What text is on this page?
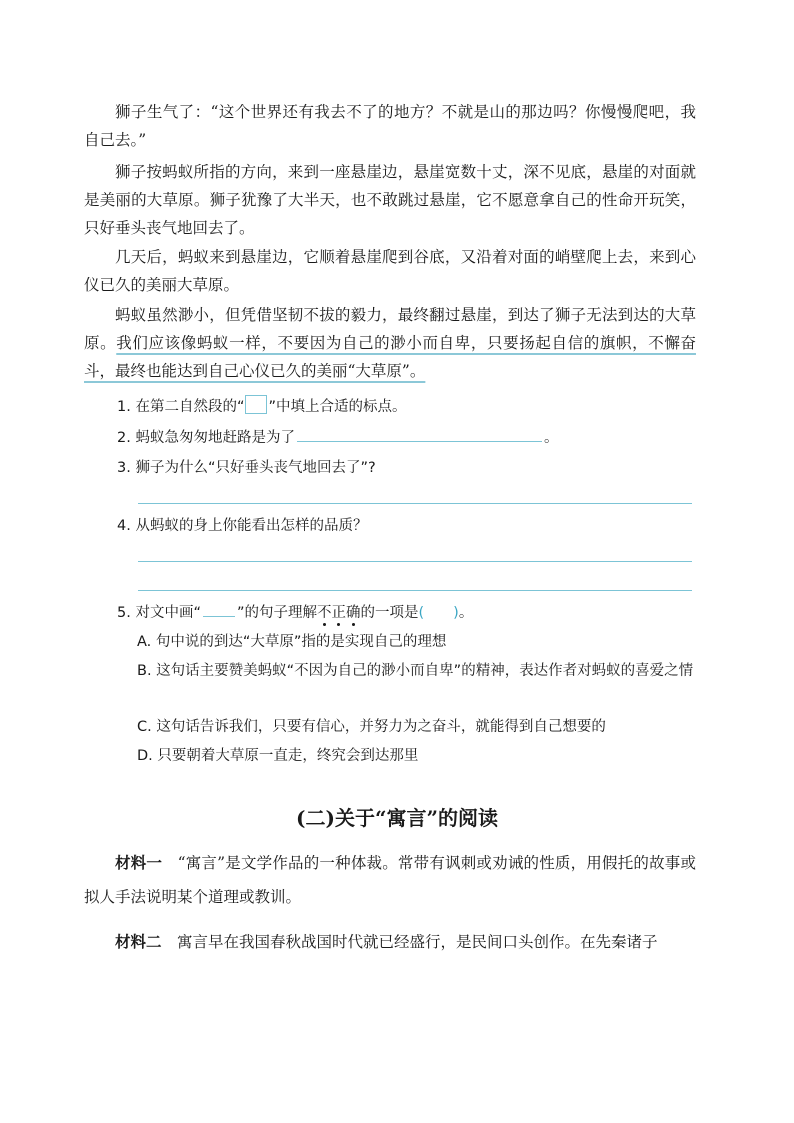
狮子生气了：“这个世界还有我去不了的地方？不就是山的那边吗？你慢慢爬吧，我自己去。”

狮子按蚂蚁所指的方向，来到一座悬崖边，悬崖宽数十丈，深不见底，悬崖的对面就是美丽的大草原。狮子犹豫了大半天，也不敢跳过悬崖，它不愿意拿自己的性命开玩笑，只好垂头丧气地回去了。

几天后，蚂蚁来到悬崖边，它顺着悬崖爬到谷底，又沿着对面的峭壁爬上去，来到心仪已久的美丽大草原。

蚂蚁虽然渺小，但凭借坚韧不拔的毅力，最终翻过悬崖，到达了狮子无法到达的大草原。我们应该像蚂蚁一样，不要因为自己的渺小而自卑，只要扬起自信的旗帜，不懈奋斗，最终也能达到自己心仪已久的美丽“大草原”。

1. 在第二自然段的“ ”中填上合适的标点。

2. 蚂蚁急匆匆地赶路是为了	。

3. 狮子为什么“只好垂头丧气地回去了”?

4. 从蚂蚁的身上你能看出怎样的品质？

5. 对文中画“ ”的句子理解不正确的一项是(　　)。

A. 句中说的到达“大草原”指的是实现自己的理想

B. 这句话主要赞美蚂蚁“不因为自己的渺小而自卑”的精神，表达作者对蚂蚁的喜爱之情

C. 这句话告诉我们，只要有信心，并努力为之奋斗，就能得到自己想要的

D. 只要朝着大草原一直走，终究会到达那里

(二)关于“寓言”的阅读

材料一 “寓言”是文学作品的一种体裁。常带有讽刺或劝诫的性质，用假托的故事或拟人手法说明某个道理或教训。

材料二 寓言早在我国春秋战国时代就已经盛行，是民间口头创作。在先秦诸子
